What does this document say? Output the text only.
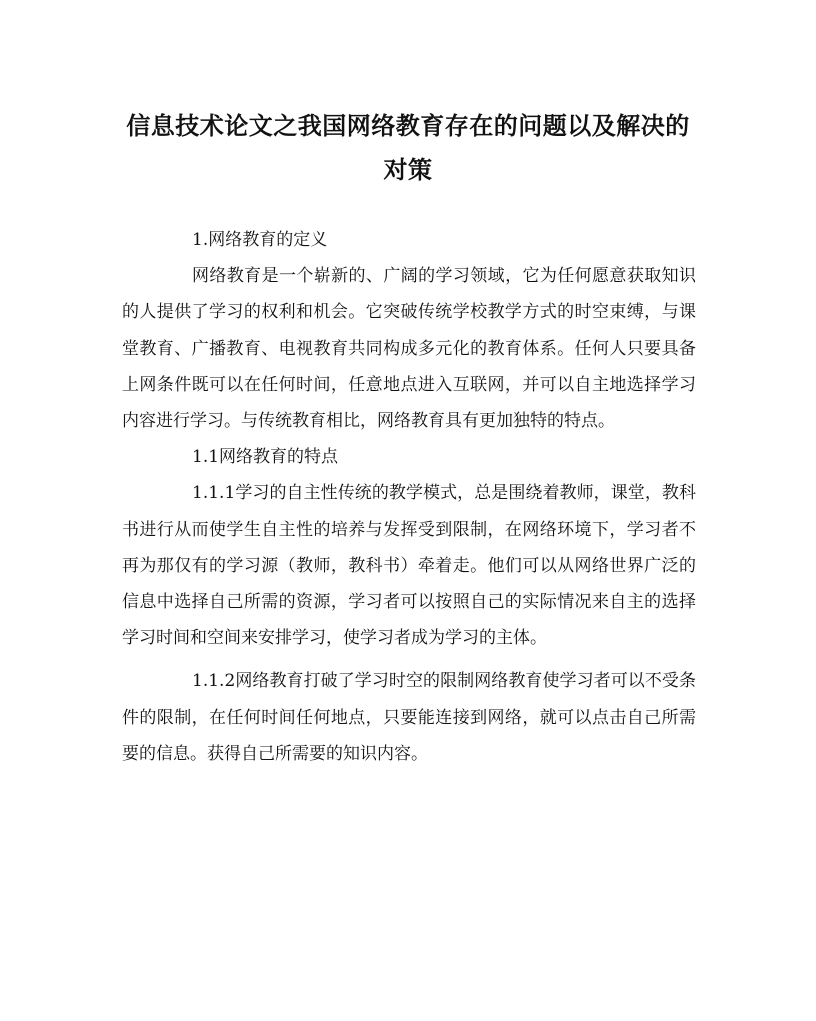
信息技术论文之我国网络教育存在的问题以及解决的对策

1.网络教育的定义

网络教育是一个崭新的、广阔的学习领域，它为任何愿意获取知识的人提供了学习的权利和机会。它突破传统学校教学方式的时空束缚，与课堂教育、广播教育、电视教育共同构成多元化的教育体系。任何人只要具备上网条件既可以在任何时间，任意地点进入互联网，并可以自主地选择学习内容进行学习。与传统教育相比，网络教育具有更加独特的特点。

1.1网络教育的特点

1.1.1学习的自主性传统的教学模式，总是围绕着教师，课堂，教科书进行从而使学生自主性的培养与发挥受到限制，在网络环境下，学习者不再为那仅有的学习源（教师，教科书）牵着走。他们可以从网络世界广泛的信息中选择自己所需的资源，学习者可以按照自己的实际情况来自主的选择学习时间和空间来安排学习，使学习者成为学习的主体。

1.1.2网络教育打破了学习时空的限制网络教育使学习者可以不受条件的限制，在任何时间任何地点，只要能连接到网络，就可以点击自己所需要的信息。获得自己所需要的知识内容。
